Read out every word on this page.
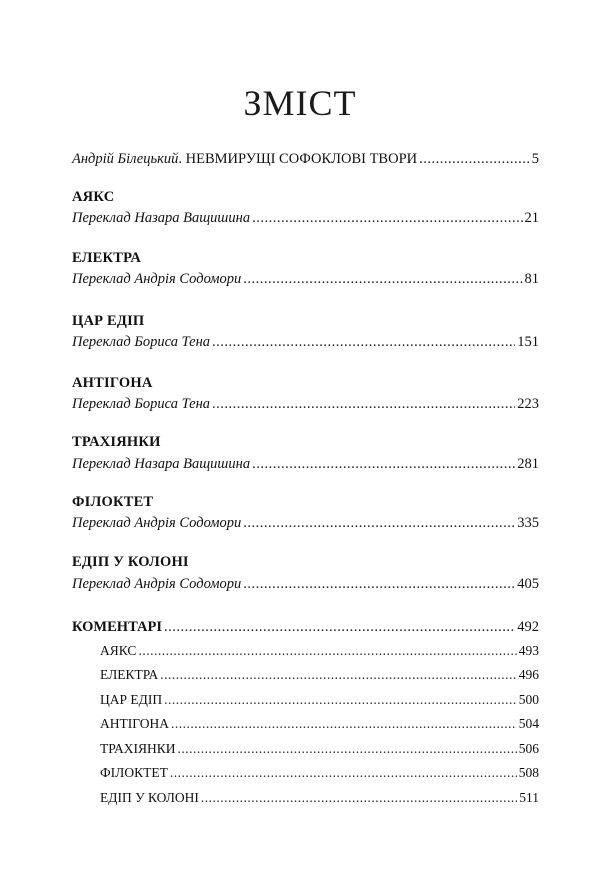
ЗМІСТ
Андрій Білецький. НЕВМИРУЩІ СОФОКЛОВІ ТВОРИ .....	5
АЯКС
Переклад Назара Ващишина .....	21
ЕЛЕКТРА
Переклад Андрія Содомори .....	81
ЦАР ЕДІП
Переклад Бориса Тена .....	151
АНТІГОНА
Переклад Бориса Тена .....	223
ТРАХІЯНКИ
Переклад Назара Ващишина .....	281
ФІЛОКТЕТ
Переклад Андрія Содомори .....	335
ЕДІП У КОЛОНІ
Переклад Андрія Содомори .....	405
КОМЕНТАРІ .....	492
АЯКС .....	493
ЕЛЕКТРА .....	496
ЦАР ЕДІП .....	500
АНТІГОНА .....	504
ТРАХІЯНКИ .....	506
ФІЛОКТЕТ .....	508
ЕДІП У КОЛОНІ .....	511
